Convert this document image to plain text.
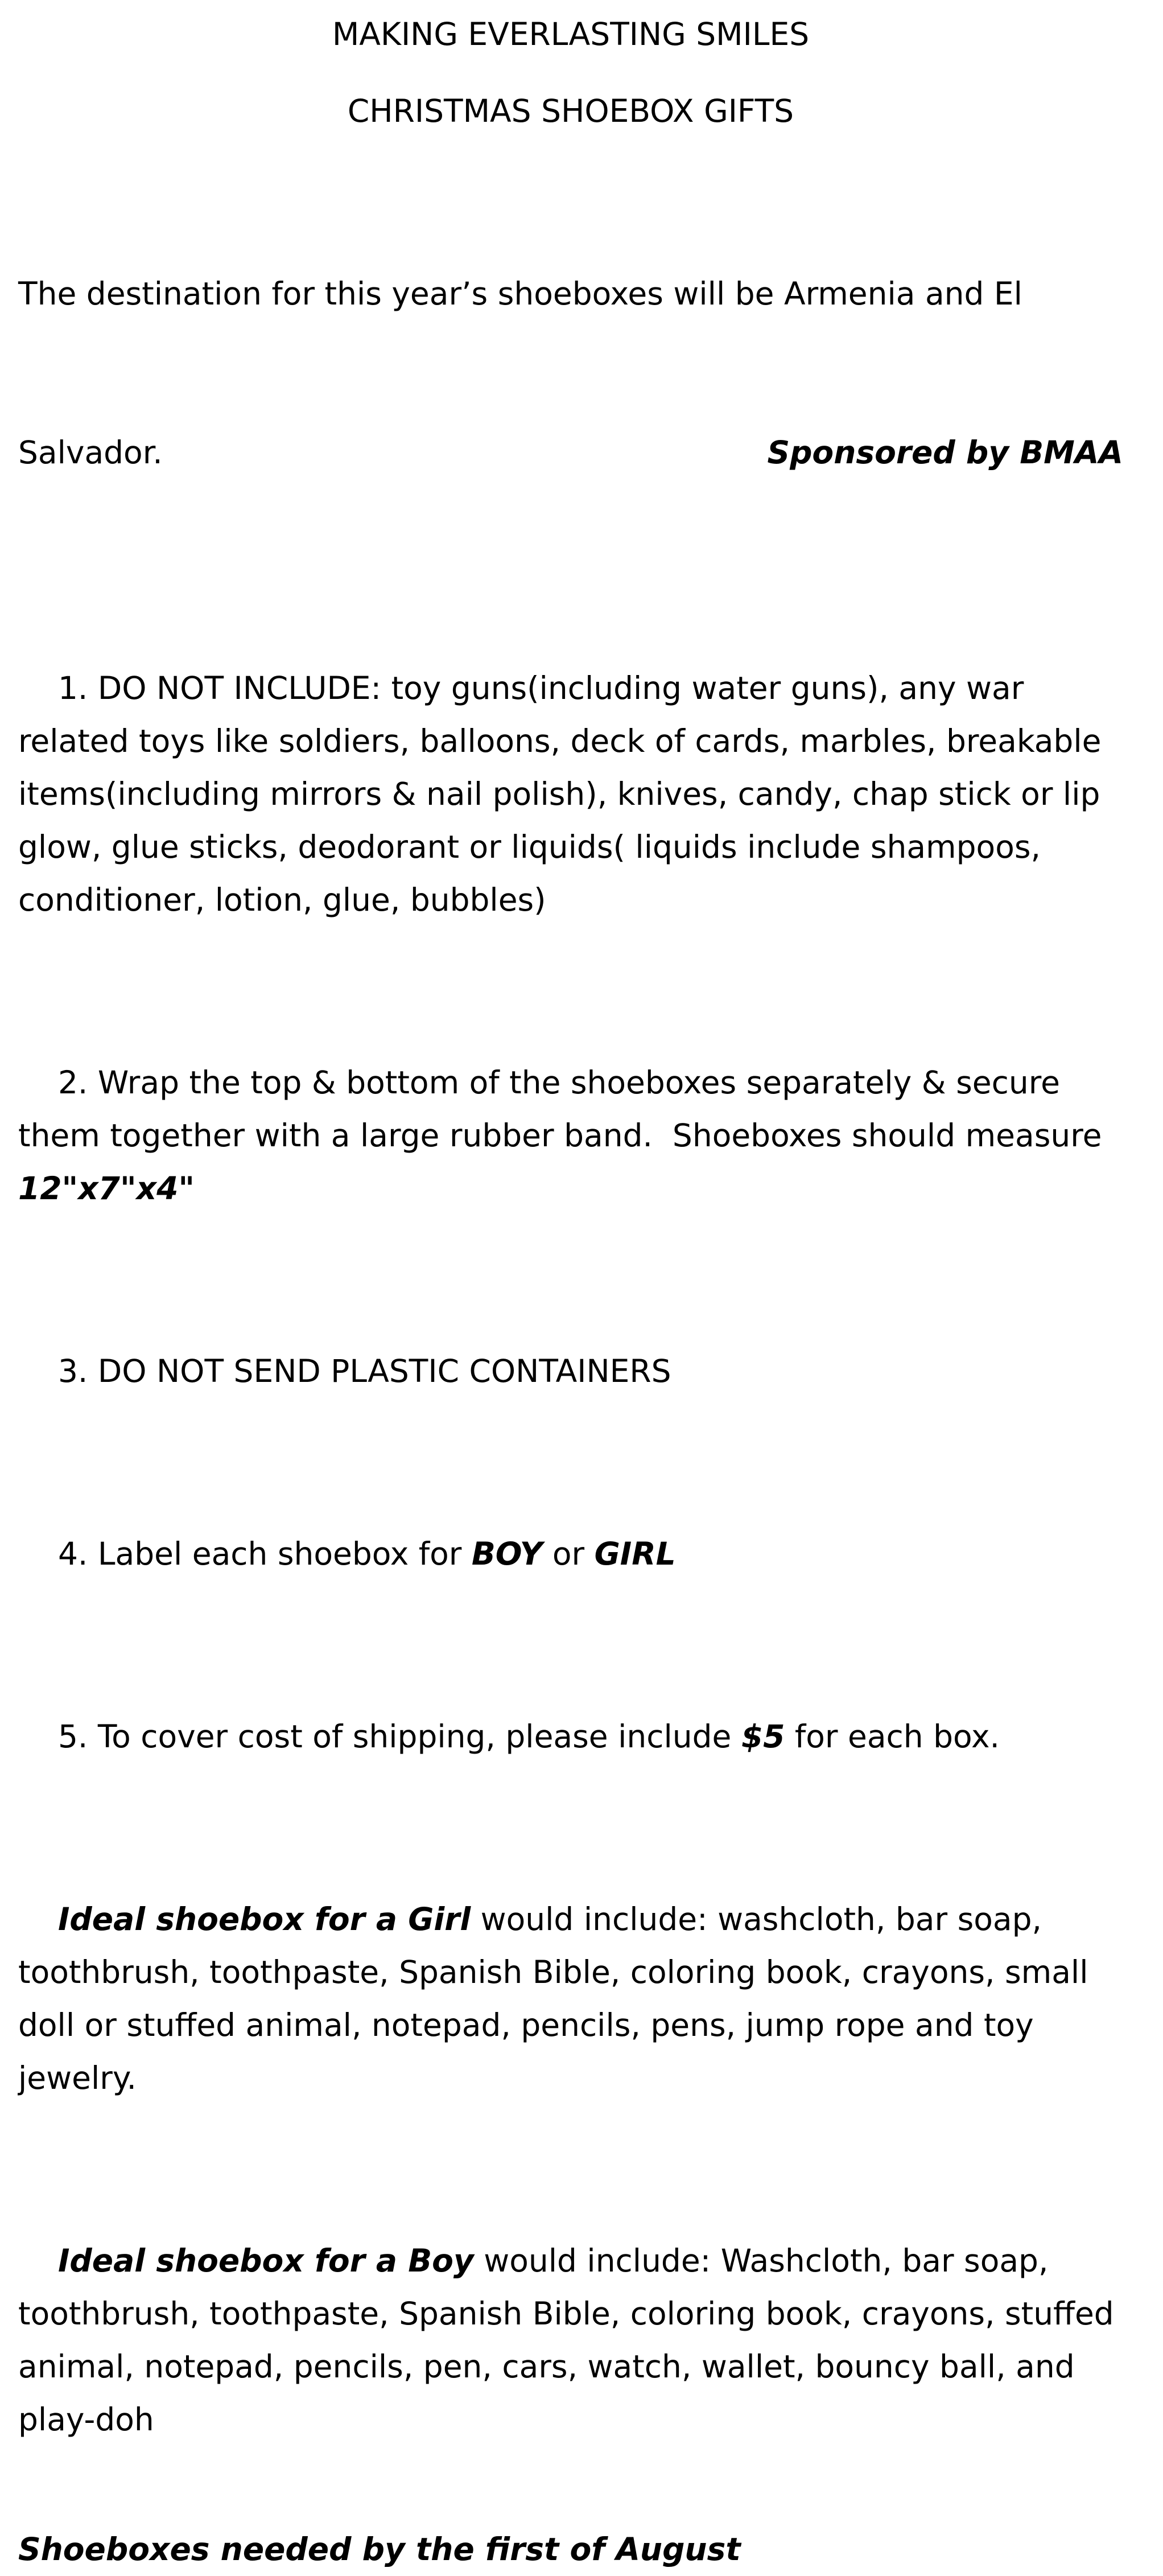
MAKING EVERLASTING SMILES

CHRISTMAS SHOEBOX GIFTS

The destination for this year’s shoeboxes will be Armenia and El

Salvador.	Sponsored by BMAA

1. DO NOT INCLUDE: toy guns(including water guns), any war related toys like soldiers, balloons, deck of cards, marbles, breakable items(including mirrors & nail polish), knives, candy, chap stick or lip glow, glue sticks, deodorant or liquids( liquids include shampoos, conditioner, lotion, glue, bubbles)

2. Wrap the top & bottom of the shoeboxes separately & secure them together with a large rubber band.  Shoeboxes should measure 12"x7"x4"

3. DO NOT SEND PLASTIC CONTAINERS

4. Label each shoebox for BOY or GIRL

5. To cover cost of shipping, please include $5 for each box.

Ideal shoebox for a Girl would include: washcloth, bar soap, toothbrush, toothpaste, Spanish Bible, coloring book, crayons, small doll or stuffed animal, notepad, pencils, pens, jump rope and toy jewelry.

Ideal shoebox for a Boy would include: Washcloth, bar soap, toothbrush, toothpaste, Spanish Bible, coloring book, crayons, stuffed animal, notepad, pencils, pen, cars, watch, wallet, bouncy ball, and play-doh

Shoeboxes needed by the first of August
